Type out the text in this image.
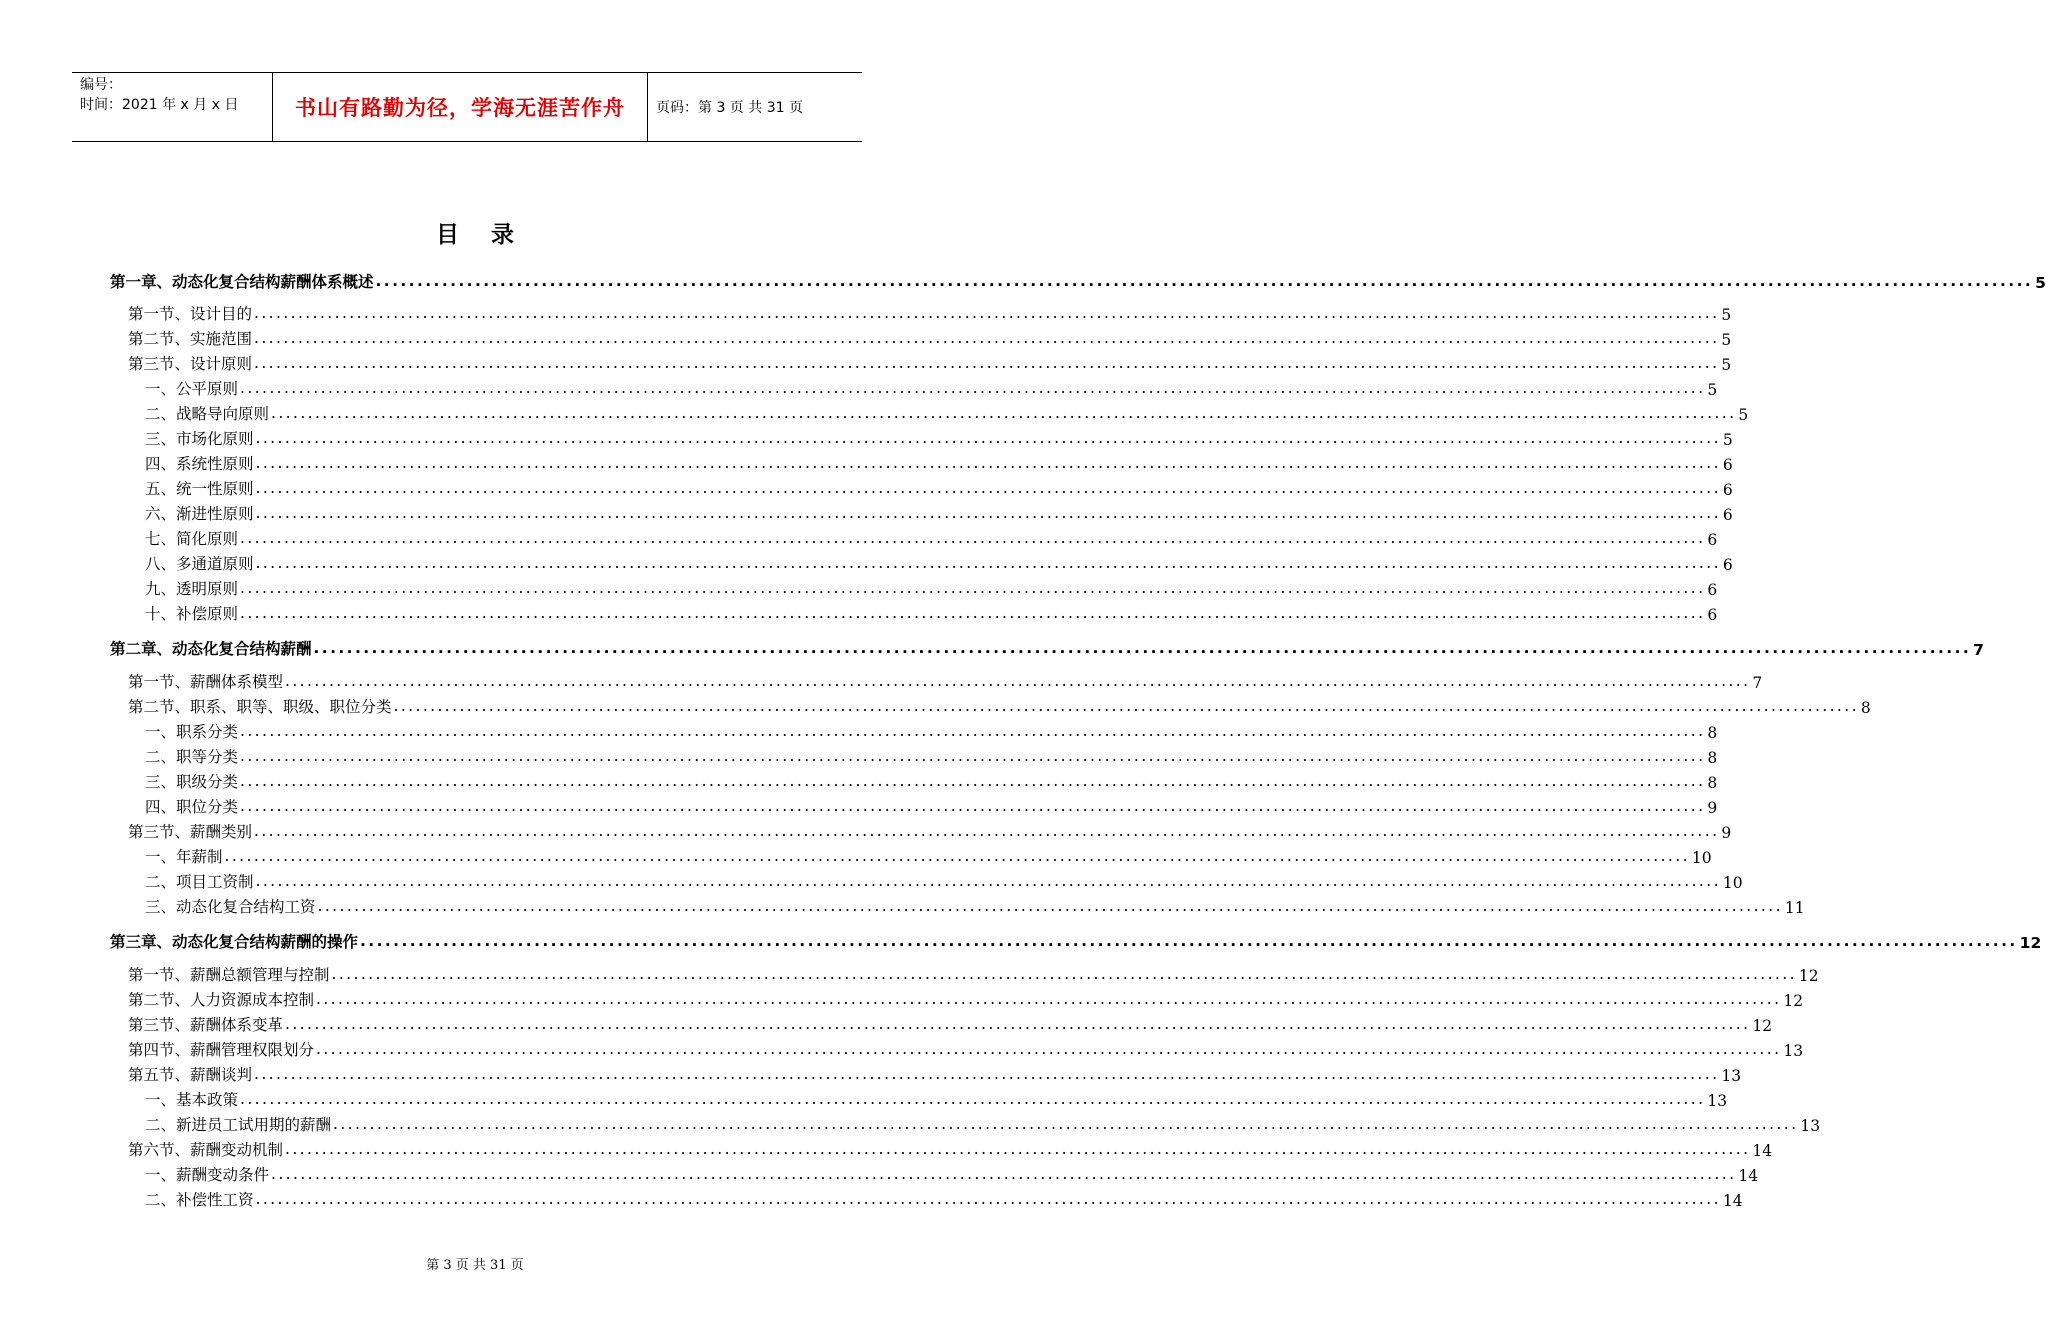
编号：
时间：2021 年 x 月 x 日	书山有路勤为径，学海无涯苦作舟	页码：第 3 页 共 31 页
目    录
第一章、动态化复合结构薪酬体系概述 ........................................................................................................................................................................................................ 5
第一节、设计目的 ........................................................................................................................................................................................................ 5
第二节、实施范围 ........................................................................................................................................................................................................ 5
第三节、设计原则 ........................................................................................................................................................................................................ 5
一、公平原则 ........................................................................................................................................................................................................ 5
二、战略导向原则 ........................................................................................................................................................................................................ 5
三、市场化原则 ........................................................................................................................................................................................................ 5
四、系统性原则 ........................................................................................................................................................................................................ 6
五、统一性原则 ........................................................................................................................................................................................................ 6
六、渐进性原则 ........................................................................................................................................................................................................ 6
七、简化原则 ........................................................................................................................................................................................................ 6
八、多通道原则 ........................................................................................................................................................................................................ 6
九、透明原则 ........................................................................................................................................................................................................ 6
十、补偿原则 ........................................................................................................................................................................................................ 6
第二章、动态化复合结构薪酬 ........................................................................................................................................................................................................ 7
第一节、薪酬体系模型 ........................................................................................................................................................................................................ 7
第二节、职系、职等、职级、职位分类 ........................................................................................................................................................................................................ 8
一、职系分类 ........................................................................................................................................................................................................ 8
二、职等分类 ........................................................................................................................................................................................................ 8
三、职级分类 ........................................................................................................................................................................................................ 8
四、职位分类 ........................................................................................................................................................................................................ 9
第三节、薪酬类别 ........................................................................................................................................................................................................ 9
一、年薪制 ........................................................................................................................................................................................................ 10
二、项目工资制 ........................................................................................................................................................................................................ 10
三、动态化复合结构工资 ........................................................................................................................................................................................................ 11
第三章、动态化复合结构薪酬的操作 ........................................................................................................................................................................................................ 12
第一节、薪酬总额管理与控制 ........................................................................................................................................................................................................ 12
第二节、人力资源成本控制 ........................................................................................................................................................................................................ 12
第三节、薪酬体系变革 ........................................................................................................................................................................................................ 12
第四节、薪酬管理权限划分 ........................................................................................................................................................................................................ 13
第五节、薪酬谈判 ........................................................................................................................................................................................................ 13
一、基本政策 ........................................................................................................................................................................................................ 13
二、新进员工试用期的薪酬 ........................................................................................................................................................................................................ 13
第六节、薪酬变动机制 ........................................................................................................................................................................................................ 14
一、薪酬变动条件 ........................................................................................................................................................................................................ 14
二、补偿性工资 ........................................................................................................................................................................................................ 14
第 3 页 共 31 页
